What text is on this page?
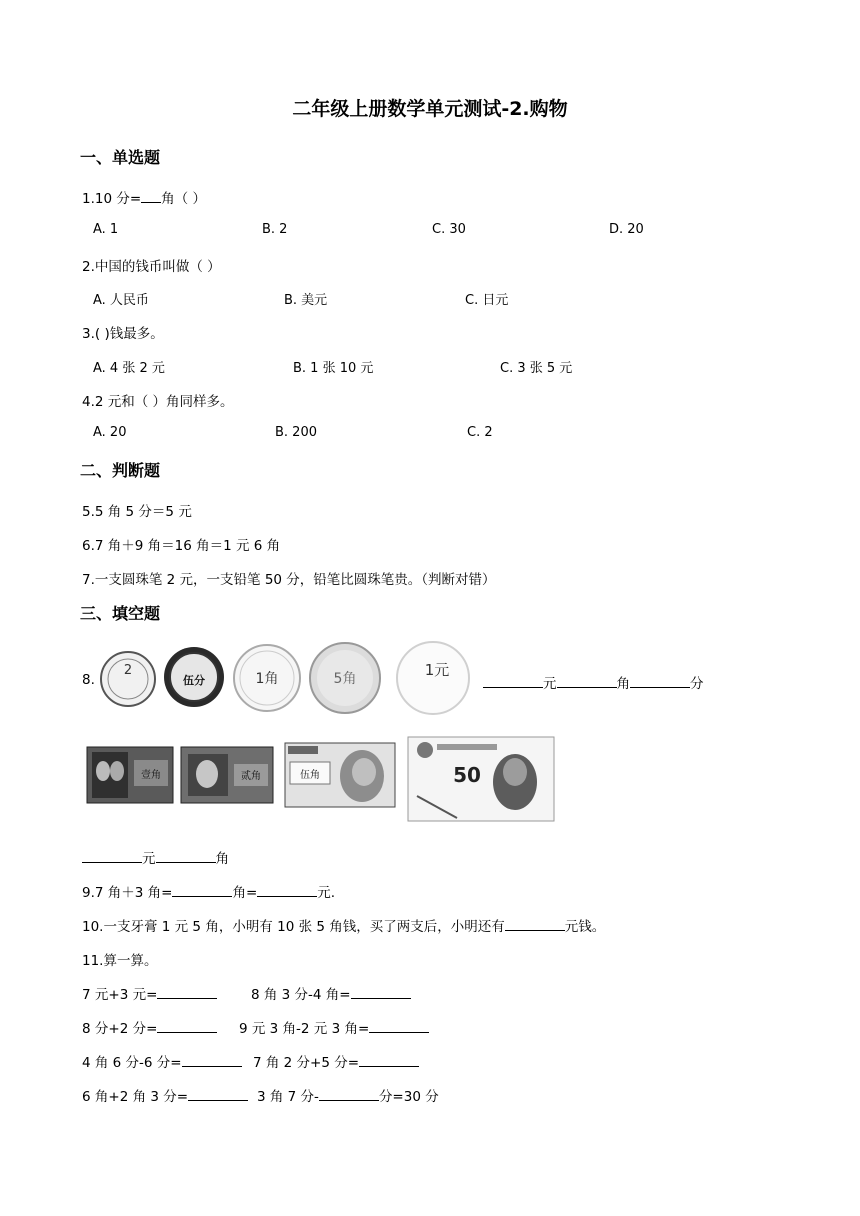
二年级上册数学单元测试-2.购物
一、单选题
1.10 分= 角（ ）
A. 1	B. 2	C. 30	D. 20
2.中国的钱币叫做（ ）
A. 人民币	B. 美元	C. 日元
3.( )钱最多。
A. 4 张 2 元	B. 1 张 10 元	C. 3 张 5 元
4.2 元和（ ）角同样多。
A. 20	B. 200	C. 2
二、判断题
5.5 角 5 分＝5 元
6.7 角＋9 角＝16 角＝1 元 6 角
7.一支圆珠笔 2 元，一支铅笔 50 分，铅笔比圆珠笔贵。（判断对错）
三、填空题
8.
2
伍分	1角	5角	1元
元	角	分
壹角	贰角	伍角	50
元	角
9.7 角＋3 角=	角=	元.
10.一支牙膏 1 元 5 角，小明有 10 张 5 角钱，买了两支后，小明还有	元钱。
11.算一算。
7 元+3 元=	8 角 3 分-4 角=
8 分+2 分=	9 元 3 角-2 元 3 角=
4 角 6 分-6 分=	7 角 2 分+5 分=
6 角+2 角 3 分=	3 角 7 分-	分=30 分
